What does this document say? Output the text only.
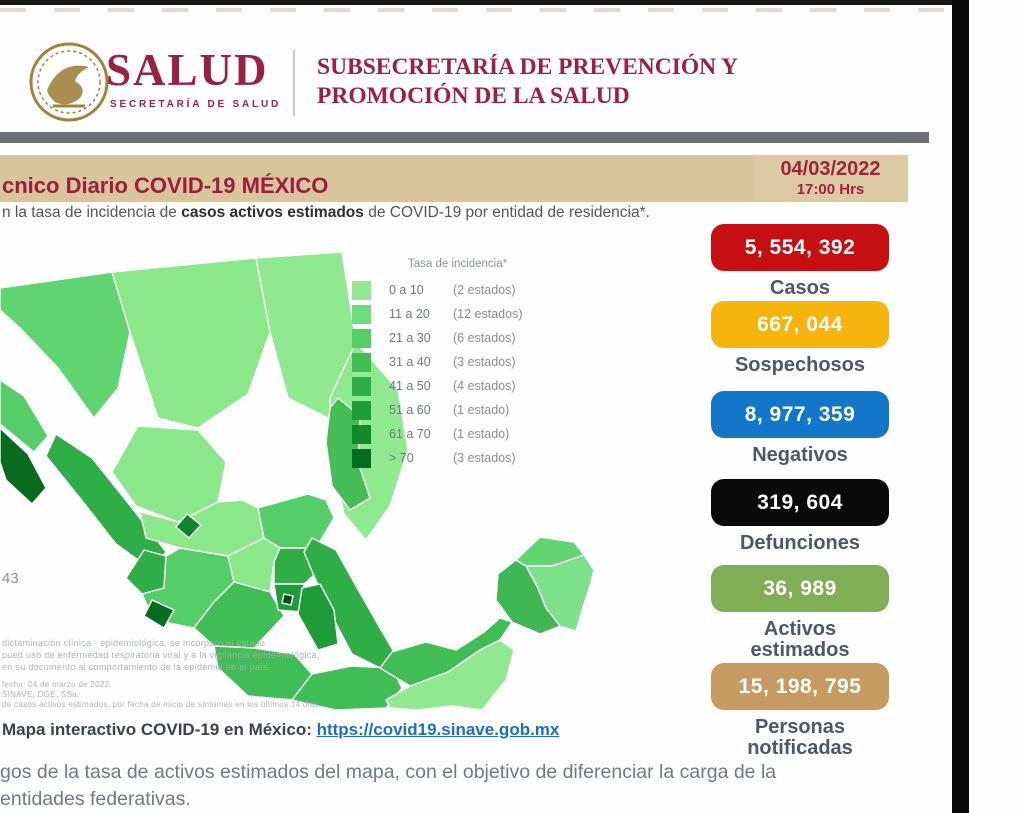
SALUD
SECRETARÍA DE SALUD
SUBSECRETARÍA DE PREVENCIÓN Y
PROMOCIÓN DE LA SALUD
cnico Diario COVID-19 MÉXICO
04/03/2022
17:00 Hrs
n la tasa de incidencia de casos activos estimados de COVID-19 por entidad de residencia*.
43
Tasa de incidencia*
0 a 10	(2 estados)
11 a 20	(12 estados)
21 a 30	(6 estados)
31 a 40	(3 estados)
41 a 50	(4 estados)
51 a 60	(1 estado)
61 a 70	(1 estado)
> 70	(3 estados)
dictaminación clínica - epidemiológica, se incorporó al estado
pued uso de enfermedad respiratoria viral y a la vigilancia epidemiológica,
en su documento al comportamiento de la epidemia en el país.
fecha: 04 de marzo de 2022
SINAVE, DGE, SSa.
de casos activos estimados, por fecha de inicio de síntomas en los últimos 14 días
Mapa interactivo COVID-19 en México: https://covid19.sinave.gob.mx
gos de la tasa de activos estimados del mapa, con el objetivo de diferenciar la carga de la
entidades federativas.
5, 554, 392
Casos
667, 044
Sospechosos
8, 977, 359
Negativos
319, 604
Defunciones
36, 989
Activos estimados
15, 198, 795
Personas notificadas
